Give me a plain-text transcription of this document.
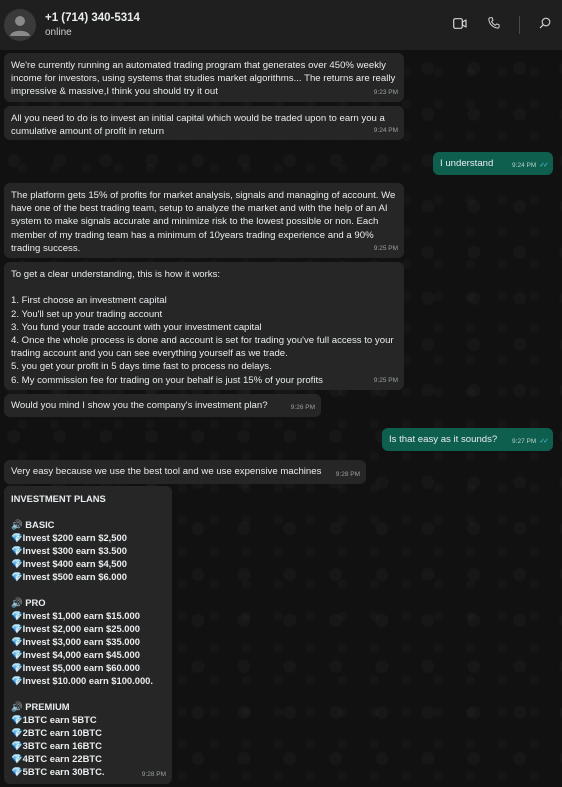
+1 (714) 340-5314
online
We're currently running an automated trading program that generates over 450% weekly income for investors, using systems that studies market algorithms... The returns are really impressive & massive,I think you should try it out	9:23 PM
All you need to do is to invest an initial capital which would be traded upon to earn you a cumulative amount of profit in return	9:24 PM
I understand	9:24 PM ✓✓
The platform gets 15% of profits for market analysis, signals and managing of account. We have one of the best trading team, setup to analyze the market and with the help of an AI system to make signals accurate and minimize risk to the lowest possible or non. Each member of my trading team has a minimum of 10years trading experience and a 90% trading success.	9:25 PM
To get a clear understanding, this is how it works:

1. First choose an investment capital
2. You'll set up your trading account
3. You fund your trade account with your investment capital
4. Once the whole process is done and account is set for trading you've full access to your trading account and you can see everything yourself as we trade.
5. you get your profit in 5 days time fast to process no delays.
6. My commission fee for trading on your behalf is just 15% of your profits	9:25 PM
Would you mind I show you the company's investment plan?	9:26 PM
Is that easy as it sounds?	9:27 PM ✓✓
Very easy because we use the best tool and we use expensive machines	9:28 PM
INVESTMENT PLANS

🔊 BASIC
💎Invest $200 earn $2,500
💎Invest $300 earn $3.500
💎Invest $400 earn $4,500
💎Invest $500 earn $6.000

🔊 PRO
💎Invest $1,000 earn $15.000
💎Invest $2,000 earn $25.000
💎Invest $3,000 earn $35.000
💎Invest $4,000 earn $45.000
💎Invest $5,000 earn $60.000
💎Invest $10.000 earn $100.000.

🔊 PREMIUM
💎1BTC earn 5BTC
💎2BTC earn 10BTC
💎3BTC earn 16BTC
💎4BTC earn 22BTC
💎5BTC earn 30BTC.	9:28 PM
